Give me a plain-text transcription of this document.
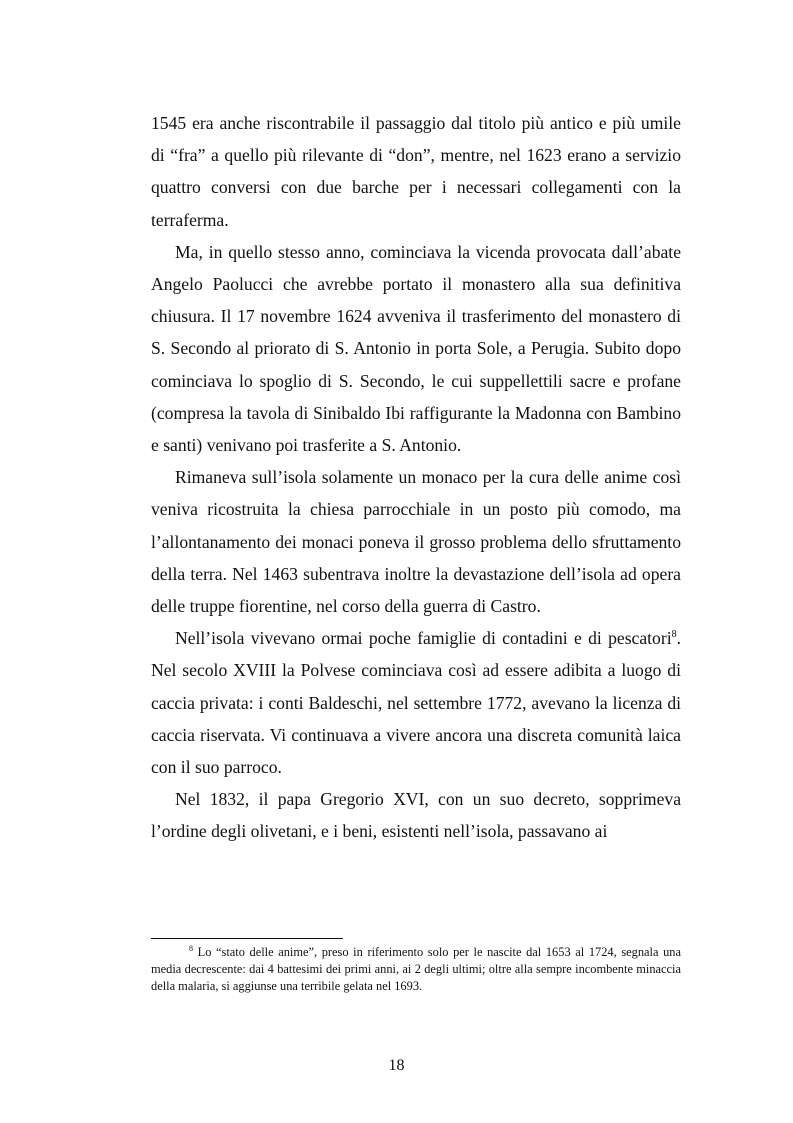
1545 era anche riscontrabile il passaggio dal titolo più antico e più umile di “fra” a quello più rilevante di “don”, mentre, nel 1623 erano a servizio quattro conversi con due barche per i necessari collegamenti con la terraferma.

Ma, in quello stesso anno, cominciava la vicenda provocata dall’abate Angelo Paolucci che avrebbe portato il monastero alla sua definitiva chiusura. Il 17 novembre 1624 avveniva il trasferimento del monastero di S. Secondo al priorato di S. Antonio in porta Sole, a Perugia. Subito dopo cominciava lo spoglio di S. Secondo, le cui suppellettili sacre e profane (compresa la tavola di Sinibaldo Ibi raffigurante la Madonna con Bambino e santi) venivano poi trasferite a S. Antonio.

Rimaneva sull’isola solamente un monaco per la cura delle anime così veniva ricostruita la chiesa parrocchiale in un posto più comodo, ma l’allontanamento dei monaci poneva il grosso problema dello sfruttamento della terra. Nel 1463 subentrava inoltre la devastazione dell’isola ad opera delle truppe fiorentine, nel corso della guerra di Castro.

Nell’isola vivevano ormai poche famiglie di contadini e di pescatori$^8$. Nel secolo XVIII la Polvese cominciava così ad essere adibita a luogo di caccia privata: i conti Baldeschi, nel settembre 1772, avevano la licenza di caccia riservata. Vi continuava a vivere ancora una discreta comunità laica con il suo parroco.

Nel 1832, il papa Gregorio XVI, con un suo decreto, sopprimeva l’ordine degli olivetani, e i beni, esistenti nell’isola, passavano ai

$^8$ Lo “stato delle anime”, preso in riferimento solo per le nascite dal 1653 al 1724, segnala una media decrescente: dai 4 battesimi dei primi anni, ai 2 degli ultimi; oltre alla sempre incombente minaccia della malaria, si aggiunse una terribile gelata nel 1693.

18
